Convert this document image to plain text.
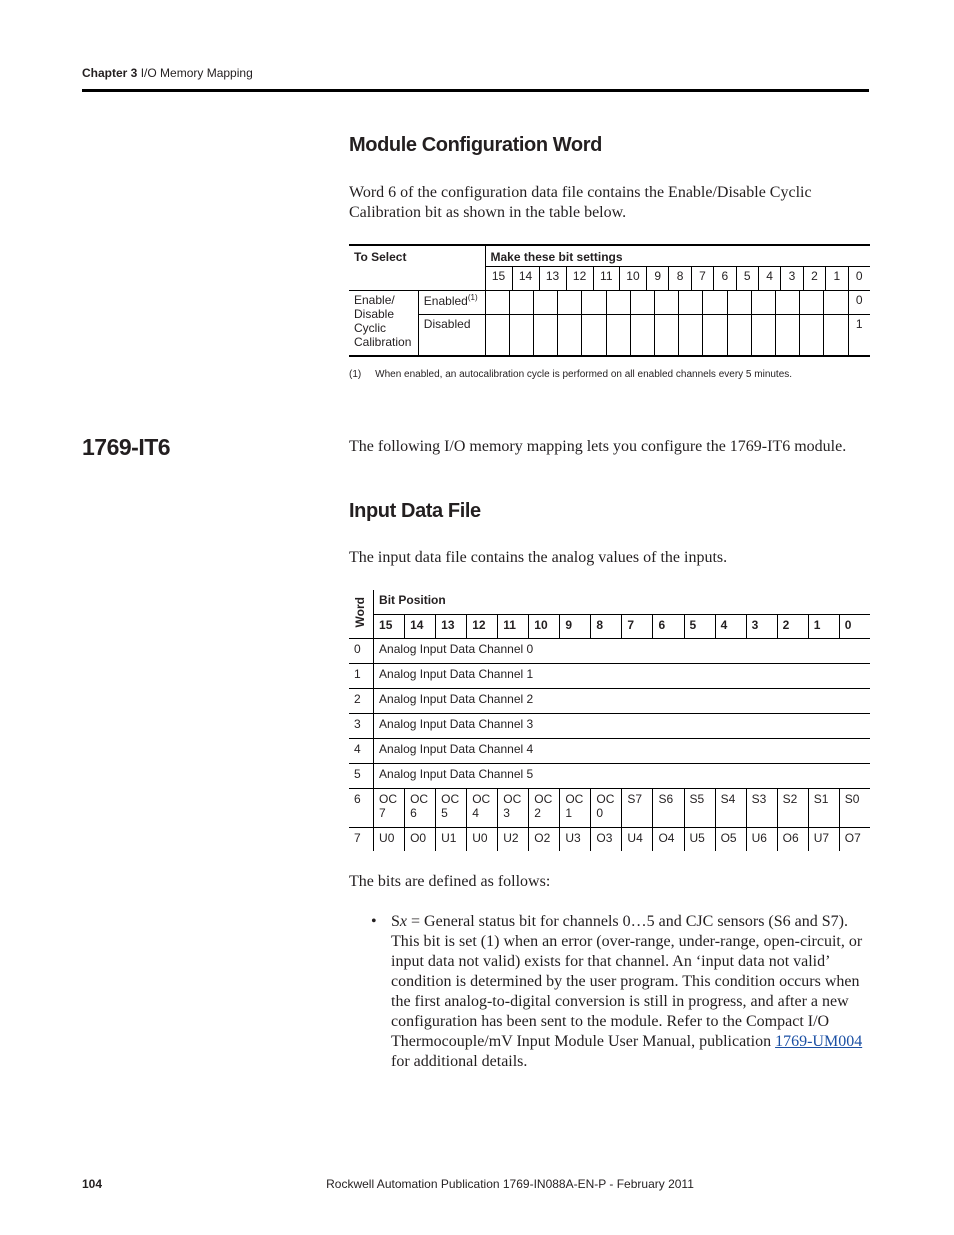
Chapter 3 I/O Memory Mapping
Module Configuration Word
Word 6 of the configuration data file contains the Enable/Disable Cyclic Calibration bit as shown in the table below.
To Select		Make these bit settings															
		15	14	13	12	11	10	9	8	7	6	5	4	3	2	1	0
Enable/ Disable Cyclic Calibration	Enabled$^{(1)}$																0
	Disabled																1
(1) When enabled, an autocalibration cycle is performed on all enabled channels every 5 minutes.
1769-IT6	The following I/O memory mapping lets you configure the 1769-IT6 module.
Input Data File
The input data file contains the analog values of the inputs.
Word	Bit Position															
	15	14	13	12	11	10	9	8	7	6	5	4	3	2	1	0
0	Analog Input Data Channel 0															
1	Analog Input Data Channel 1															
2	Analog Input Data Channel 2															
3	Analog Input Data Channel 3															
4	Analog Input Data Channel 4															
5	Analog Input Data Channel 5															
6	OC7	OC 6	OC 5	OC 4	OC 3	OC 2	OC 1	OC 0	S7	S6	S5	S4	S3	S2	S1	S0
7	U0	O0	U1	U0	U2	O2	U3	O3	U4	O4	U5	O5	U6	O6	U7	O7
The bits are defined as follows:
• Sx = General status bit for channels 0…5 and CJC sensors (S6 and S7). This bit is set (1) when an error (over-range, under-range, open-circuit, or input data not valid) exists for that channel. An ‘input data not valid’ condition is determined by the user program. This condition occurs when the first analog-to-digital conversion is still in progress, and after a new configuration has been sent to the module. Refer to the Compact I/O Thermocouple/mV Input Module User Manual, publication 1769-UM004 for additional details.
104	Rockwell Automation Publication 1769-IN088A-EN-P - February 2011
